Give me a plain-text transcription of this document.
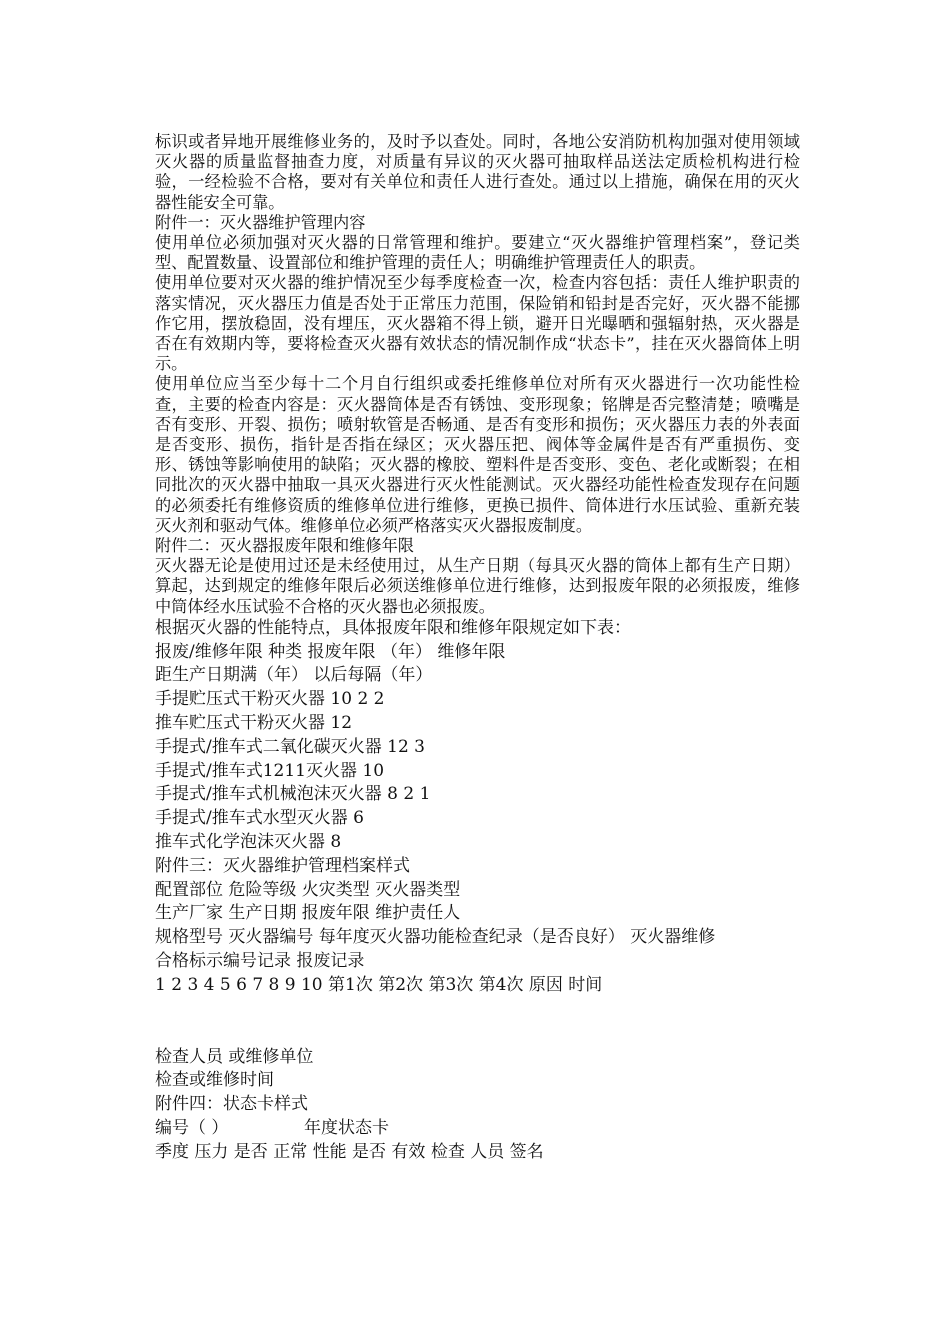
标识或者异地开展维修业务的，及时予以查处。同时，各地公安消防机构加强对使用领域灭火器的质量监督抽查力度，对质量有异议的灭火器可抽取样品送法定质检机构进行检验，一经检验不合格，要对有关单位和责任人进行查处。通过以上措施，确保在用的灭火器性能安全可靠。

附件一：灭火器维护管理内容

使用单位必须加强对灭火器的日常管理和维护。要建立“灭火器维护管理档案”，登记类型、配置数量、设置部位和维护管理的责任人；明确维护管理责任人的职责。

使用单位要对灭火器的维护情况至少每季度检查一次，检查内容包括：责任人维护职责的落实情况，灭火器压力值是否处于正常压力范围，保险销和铅封是否完好，灭火器不能挪作它用，摆放稳固，没有埋压，灭火器箱不得上锁，避开日光曝晒和强辐射热，灭火器是否在有效期内等，要将检查灭火器有效状态的情况制作成“状态卡”，挂在灭火器筒体上明示。

使用单位应当至少每十二个月自行组织或委托维修单位对所有灭火器进行一次功能性检查，主要的检查内容是：灭火器筒体是否有锈蚀、变形现象；铭牌是否完整清楚；喷嘴是否有变形、开裂、损伤；喷射软管是否畅通、是否有变形和损伤；灭火器压力表的外表面是否变形、损伤，指针是否指在绿区；灭火器压把、阀体等金属件是否有严重损伤、变形、锈蚀等影响使用的缺陷；灭火器的橡胶、塑料件是否变形、变色、老化或断裂；在相同批次的灭火器中抽取一具灭火器进行灭火性能测试。灭火器经功能性检查发现存在问题的必须委托有维修资质的维修单位进行维修，更换已损件、筒体进行水压试验、重新充装灭火剂和驱动气体。维修单位必须严格落实灭火器报废制度。

附件二：灭火器报废年限和维修年限

灭火器无论是使用过还是未经使用过，从生产日期（每具灭火器的筒体上都有生产日期）算起，达到规定的维修年限后必须送维修单位进行维修，达到报废年限的必须报废，维修中筒体经水压试验不合格的灭火器也必须报废。

根据灭火器的性能特点，具体报废年限和维修年限规定如下表：

报废/维修年限 种类 报废年限 （年） 维修年限

距生产日期满（年） 以后每隔（年）

手提贮压式干粉灭火器 10 2 2

推车贮压式干粉灭火器 12

手提式/推车式二氧化碳灭火器 12 3

手提式/推车式1211灭火器 10

手提式/推车式机械泡沫灭火器 8 2 1

手提式/推车式水型灭火器 6

推车式化学泡沫灭火器 8

附件三：灭火器维护管理档案样式

配置部位 危险等级 火灾类型 灭火器类型

生产厂家 生产日期 报废年限 维护责任人

规格型号 灭火器编号 每年度灭火器功能检查纪录（是否良好） 灭火器维修

合格标示编号记录 报废记录

1 2 3 4 5 6 7 8 9 10 第1次 第2次 第3次 第4次 原因 时间

检查人员 或维修单位

检查或维修时间

附件四：状态卡样式

编号（ ）              年度状态卡

季度 压力 是否 正常 性能 是否 有效 检查 人员 签名
